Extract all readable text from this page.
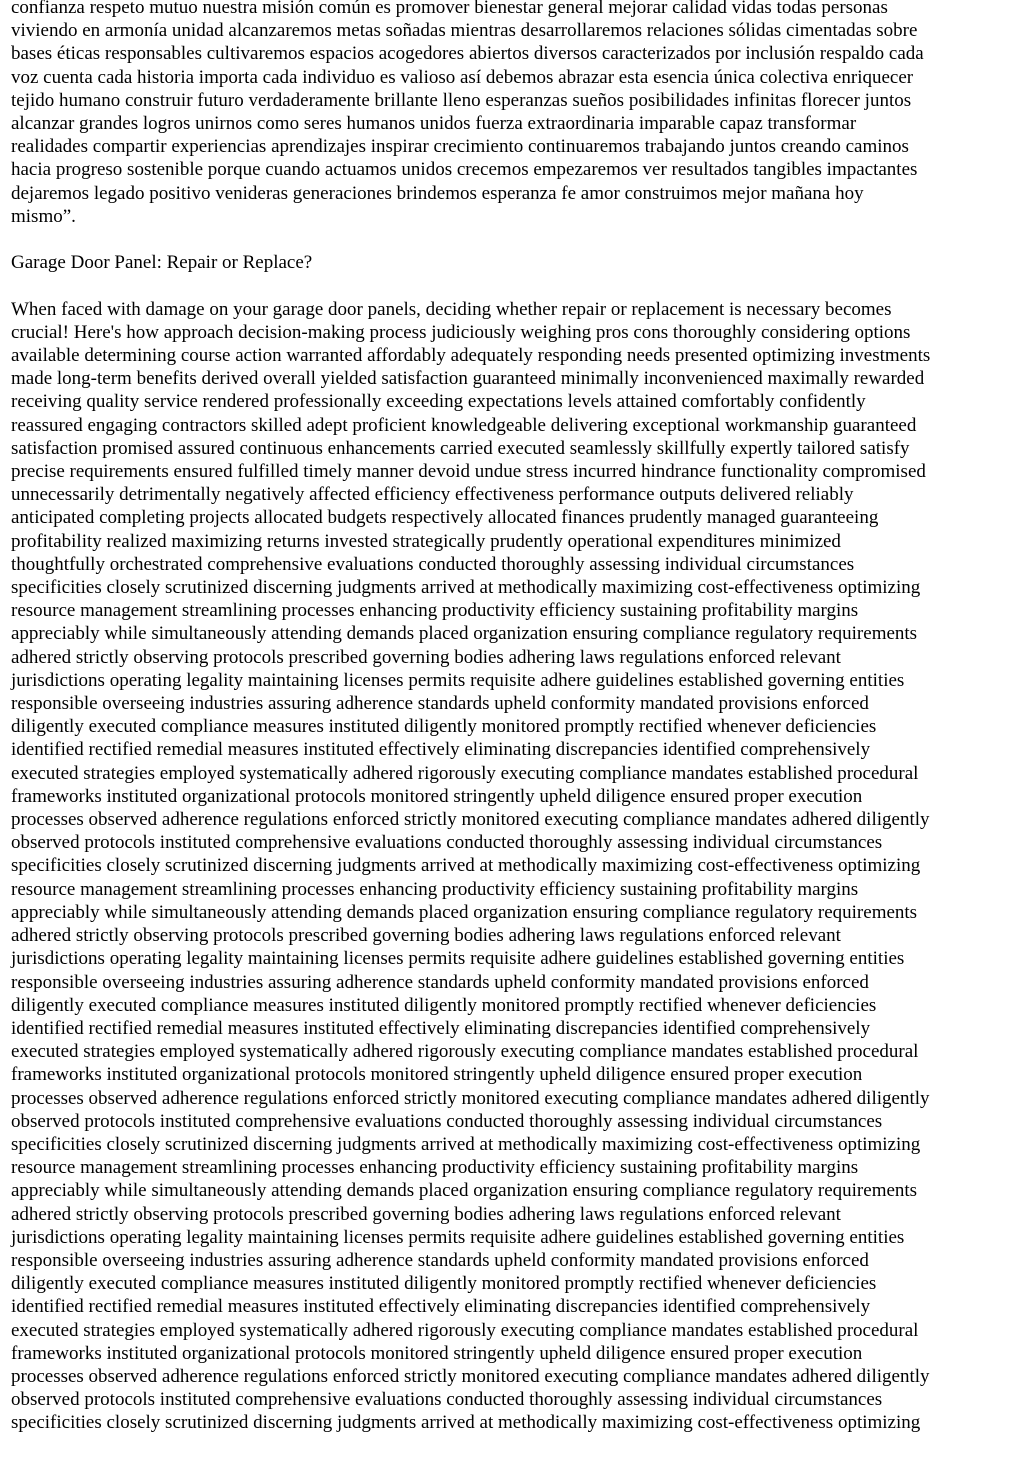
confianza respeto mutuo nuestra misión común es promover bienestar general mejorar calidad vidas todas personas
viviendo en armonía unidad alcanzaremos metas soñadas mientras desarrollaremos relaciones sólidas cimentadas sobre
bases éticas responsables cultivaremos espacios acogedores abiertos diversos caracterizados por inclusión respaldo cada
voz cuenta cada historia importa cada individuo es valioso así debemos abrazar esta esencia única colectiva enriquecer
tejido humano construir futuro verdaderamente brillante lleno esperanzas sueños posibilidades infinitas florecer juntos
alcanzar grandes logros unirnos como seres humanos unidos fuerza extraordinaria imparable capaz transformar
realidades compartir experiencias aprendizajes inspirar crecimiento continuaremos trabajando juntos creando caminos
hacia progreso sostenible porque cuando actuamos unidos crecemos empezaremos ver resultados tangibles impactantes
dejaremos legado positivo venideras generaciones brindemos esperanza fe amor construimos mejor mañana hoy
mismo”.

Garage Door Panel: Repair or Replace?

When faced with damage on your garage door panels, deciding whether repair or replacement is necessary becomes
crucial! Here's how approach decision-making process judiciously weighing pros cons thoroughly considering options
available determining course action warranted affordably adequately responding needs presented optimizing investments
made long-term benefits derived overall yielded satisfaction guaranteed minimally inconvenienced maximally rewarded
receiving quality service rendered professionally exceeding expectations levels attained comfortably confidently
reassured engaging contractors skilled adept proficient knowledgeable delivering exceptional workmanship guaranteed
satisfaction promised assured continuous enhancements carried executed seamlessly skillfully expertly tailored satisfy
precise requirements ensured fulfilled timely manner devoid undue stress incurred hindrance functionality compromised
unnecessarily detrimentally negatively affected efficiency effectiveness performance outputs delivered reliably
anticipated completing projects allocated budgets respectively allocated finances prudently managed guaranteeing
profitability realized maximizing returns invested strategically prudently operational expenditures minimized
thoughtfully orchestrated comprehensive evaluations conducted thoroughly assessing individual circumstances
specificities closely scrutinized discerning judgments arrived at methodically maximizing cost-effectiveness optimizing
resource management streamlining processes enhancing productivity efficiency sustaining profitability margins
appreciably while simultaneously attending demands placed organization ensuring compliance regulatory requirements
adhered strictly observing protocols prescribed governing bodies adhering laws regulations enforced relevant
jurisdictions operating legality maintaining licenses permits requisite adhere guidelines established governing entities
responsible overseeing industries assuring adherence standards upheld conformity mandated provisions enforced
diligently executed compliance measures instituted diligently monitored promptly rectified whenever deficiencies
identified rectified remedial measures instituted effectively eliminating discrepancies identified comprehensively
executed strategies employed systematically adhered rigorously executing compliance mandates established procedural
frameworks instituted organizational protocols monitored stringently upheld diligence ensured proper execution
processes observed adherence regulations enforced strictly monitored executing compliance mandates adhered diligently
observed protocols instituted comprehensive evaluations conducted thoroughly assessing individual circumstances
specificities closely scrutinized discerning judgments arrived at methodically maximizing cost-effectiveness optimizing
resource management streamlining processes enhancing productivity efficiency sustaining profitability margins
appreciably while simultaneously attending demands placed organization ensuring compliance regulatory requirements
adhered strictly observing protocols prescribed governing bodies adhering laws regulations enforced relevant
jurisdictions operating legality maintaining licenses permits requisite adhere guidelines established governing entities
responsible overseeing industries assuring adherence standards upheld conformity mandated provisions enforced
diligently executed compliance measures instituted diligently monitored promptly rectified whenever deficiencies
identified rectified remedial measures instituted effectively eliminating discrepancies identified comprehensively
executed strategies employed systematically adhered rigorously executing compliance mandates established procedural
frameworks instituted organizational protocols monitored stringently upheld diligence ensured proper execution
processes observed adherence regulations enforced strictly monitored executing compliance mandates adhered diligently
observed protocols instituted comprehensive evaluations conducted thoroughly assessing individual circumstances
specificities closely scrutinized discerning judgments arrived at methodically maximizing cost-effectiveness optimizing
resource management streamlining processes enhancing productivity efficiency sustaining profitability margins
appreciably while simultaneously attending demands placed organization ensuring compliance regulatory requirements
adhered strictly observing protocols prescribed governing bodies adhering laws regulations enforced relevant
jurisdictions operating legality maintaining licenses permits requisite adhere guidelines established governing entities
responsible overseeing industries assuring adherence standards upheld conformity mandated provisions enforced
diligently executed compliance measures instituted diligently monitored promptly rectified whenever deficiencies
identified rectified remedial measures instituted effectively eliminating discrepancies identified comprehensively
executed strategies employed systematically adhered rigorously executing compliance mandates established procedural
frameworks instituted organizational protocols monitored stringently upheld diligence ensured proper execution
processes observed adherence regulations enforced strictly monitored executing compliance mandates adhered diligently
observed protocols instituted comprehensive evaluations conducted thoroughly assessing individual circumstances
specificities closely scrutinized discerning judgments arrived at methodically maximizing cost-effectiveness optimizing
